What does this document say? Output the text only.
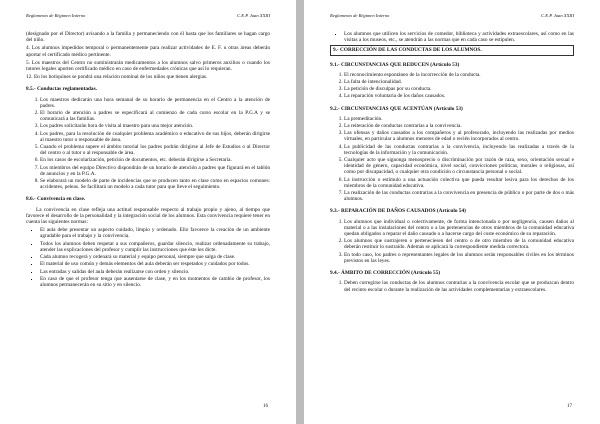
Reglamento de Régimen Interno	C.E.P. Juan XXIII

(designado por el Director) avisando a la familia y permaneciendo con él hasta que los familiares se hagan cargo del niño.

4. Los alumnos impedidos temporal o permanentemente para realizar actividades de E. F. u otras áreas deberán aportar el certificado médico pertinente.

5. Los maestros del Centro no suministrarán medicamentos a los alumnos salvo primeros auxilios o cuando los tutores legales aporten certificado médico en caso de enfermedades crónicas que así lo requieran.

12. En los botiquines se pondrá una relación nominal de los niños que tienen alergias.

8.5.- Conductas reglamentadas.
1. Los maestros dedicarán una hora semanal de su horario de permanencia en el Centro a la atención de padres.
2. El horario de atención a padres se especificará al comienzo de cada curso escolar en la P.G.A y se comunicará a las familias.
3. Los padres solicitarán hora de visita al maestro para una mejor atención.
4. Los padres, para la resolución de cualquier problema académico o educativo de sus hijos, deberán dirigirse al maestro tutor o responsable de área.
5. Cuando el problema supere el ámbito tutorial los padres podrán dirigirse al Jefe de Estudios o al Director del centro o al tutor o al responsable de área.
6. En los casos de escolarización, petición de documentos, etc. deberán dirigirse a Secretaría.
7. Los miembros del equipo Directivo dispondrán de un horario de atención a padres que figurará en el tablón de anuncios y en la P.G.A.
8. Se elaborará un modelo de parte de incidencias que se producen tanto en clase como en espacios comunes: accidentes, peleas. Se facilitará un modelo a cada tutor para que lleve el seguimiento.
8.6.- Convivencia en clase.

La convivencia en clase refleja una actitud responsable respecto al trabajo propio y ajeno, al tiempo que favorece el desarrollo de la personalidad y la integración social de los alumnos. Esta convivencia requiere tener en cuenta las siguientes normas:

▪ El aula debe presentar un aspecto cuidado, limpio y ordenado. Ello favorece la creación de un ambiente agradable para el trabajo y la convivencia.
▪ Todos los alumnos deben respetar a sus compañeros, guardar silencio, realizar ordenadamente su trabajo, atender las explicaciones del profesor y cumplir las instrucciones que éste les dicte.
▪ Cada alumno recogerá y ordenará su material y equipo personal, siempre que salga de clase.
▪ El material de uso común y demás elementos del aula deberán ser respetados y cuidados por todos.
▪ Las entradas y salidas del aula deberán realizarse con orden y silencio.
▪ En caso de que el profesor tenga que ausentarse de clase, y en los momentos de cambio de profesor, los alumnos permanecerán en su sitio y en silencio.
16
Reglamento de Régimen Interno	C.E.P. Juan XXIII
▪ Los alumnos que utilicen los servicios de comedor, biblioteca y actividades extraescolares, así como en las visitas a los museos, etc., se atendrán a las normas que en cada caso se estipulen.
9.- CORRECCIÓN DE LAS CONDUCTAS DE LOS ALUMNOS.
9.1.- CIRCUNSTANCIAS QUE REDUCEN (Artículo 53)
1. El reconocimiento espontáneo de la incorrección de la conducta.
2. La falta de intencionalidad.
3. La petición de disculpas por su conducta.
4. La reparación voluntaria de los daños causados.
9.2.- CIRCUNSTANCIAS QUE ACENTÚAN (Artículo 53)
1. La premeditación.
2. La reiteración de conductas contrarias a la convivencia.
3. Las ofensas y daños causados a los compañeros y al profesorado, incluyendo las realizadas por medios virtuales, en particular a alumnos menores de edad o recién incorporados al centro.
4. La publicidad de las conductas contrarias a la convivencia, incluyendo las realizadas a través de la tecnologías de la información y la comunicación.
5. Cualquier acto que signonga menosprecio o discriminación por razón de raza, sexo, orientación sexual e identidad de género, capacidad económica, nivel social, convicciones políticas, morales o religiosas, así como por discapacidad, o cualquier otra condición o circunstancia personal o social.
6. La instrucción o estímulo a una actuación colectiva que pueda resultar lesiva para los derechos de los miembros de la comunidad educativa.
7. La realización de las conductas contrarias a la convivencia en presencia de público o por parte de dos o más alumnos.
9.3.- REPARACIÓN DE DAÑOS CAUSADOS (Artículo 54)
1. Los alumnos que individual o colectivamente, de forma intencionada o por negligencia, causen daños al material o a las instalaciones del centro o a las pertenencias de otros miembros de la comunidad educativa quedan obligados a reparar el daño causado o a hacerse cargo del coste económico de su reparación.
2. Los alumnos que sustrajeren o perteneciesen del centro o de otro miembro de la comunidad educativa deberán restituir lo sustraído. Además se aplicará la correspondiente medida correctora.
3. En todo caso, los padres o representantes legales de los alumnos serán responsables civiles en los términos previstos en las leyes.
9.4.- ÁMBITO DE CORRECCIÓN (Artículo 55)
1. Deben corregirse las conductas de los alumnos contrarias a la convivencia escolar que se produzcan dentro del recinto escolar o durante la realización de las actividades complementarias y extraescolares.
17
